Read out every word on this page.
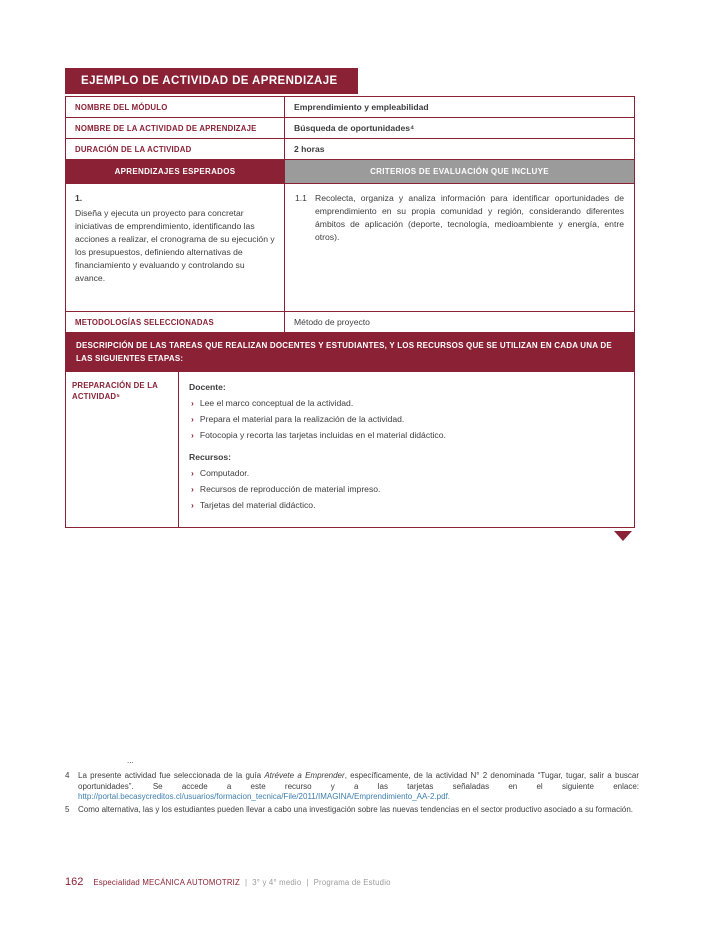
EJEMPLO DE ACTIVIDAD DE APRENDIZAJE
NOMBRE DEL MÓDULO	Emprendimiento y empleabilidad
NOMBRE DE LA ACTIVIDAD DE APRENDIZAJE	Búsqueda de oportunidades⁴
DURACIÓN DE LA ACTIVIDAD	2 horas
APRENDIZAJES ESPERADOS	CRITERIOS DE EVALUACIÓN QUE INCLUYE
1.
Diseña y ejecuta un proyecto para concretar iniciativas de emprendimiento, identificando las acciones a realizar, el cronograma de su ejecución y los presupuestos, definiendo alternativas de financiamiento y evaluando y controlando su avance.
1.1 Recolecta, organiza y analiza información para identificar oportunidades de emprendimiento en su propia comunidad y región, considerando diferentes ámbitos de aplicación (deporte, tecnología, medioambiente y energía, entre otros).
METODOLOGÍAS SELECCIONADAS	Método de proyecto
DESCRIPCIÓN DE LAS TAREAS QUE REALIZAN DOCENTES Y ESTUDIANTES, Y LOS RECURSOS QUE SE UTILIZAN EN CADA UNA DE LAS SIGUIENTES ETAPAS:
PREPARACIÓN DE LA ACTIVIDAD⁵
Docente:
› Lee el marco conceptual de la actividad.
› Prepara el material para la realización de la actividad.
› Fotocopia y recorta las tarjetas incluidas en el material didáctico.
Recursos:
› Computador.
› Recursos de reproducción de material impreso.
› Tarjetas del material didáctico.
...
4	La presente actividad fue seleccionada de la guía Atrévete a Emprender, específicamente, de la actividad N° 2 denominada “Tugar, tugar, salir a buscar oportunidades”. Se accede a este recurso y a las tarjetas señaladas en el siguiente enlace: http://portal.becasycreditos.cl/usuarios/formacion_tecnica/File/2011/IMAGINA/Emprendimiento_AA-2.pdf.
5	Como alternativa, las y los estudiantes pueden llevar a cabo una investigación sobre las nuevas tendencias en el sector productivo asociado a su formación.
162 Especialidad MECÁNICA AUTOMOTRIZ | 3° y 4° medio | Programa de Estudio
